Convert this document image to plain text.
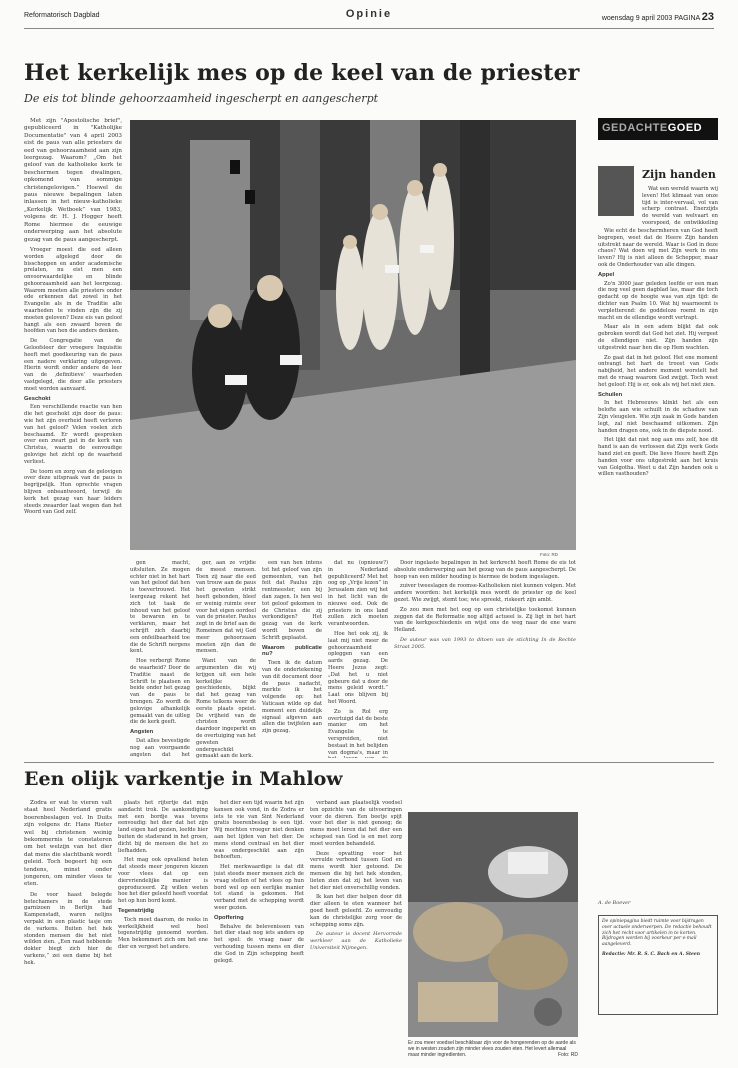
Reformatorisch Dagblad	Opinie	woensdag 9 april 2003 PAGINA 23
Het kerkelijk mes op de keel van de priester
De eis tot blinde gehoorzaamheid ingescherpt en aangescherpt

Met zijn "Apostolische brief", gepubliceerd in "Katholijke Documentatie" van 4 april 2003 eist de paus van alle priesters de eed van gehoorzaamheid aan zijn leergezag. Waarom? „Om het geloof van de katholieke kerk te beschermen tegen dwalingen, opkomend van sommige christengelovigen.” Hoewel de paus nieuwe bepalingen laten inlassen in het nieuw-katholieke „Kerkelijk Wetboek” van 1983, volgens dr. H. J. Hogger heeft Rome hiermee de eeuwige onderwerping aan het absolute gezag van de paus aangescherpt.

Vroeger moest die eed alleen worden afgelegd door de bisschoppen en ander academische prelaten, nu eist men een onvoorwaardelijke en blinde gehoorzaamheid aan het leergezag. Waarom moeten alle priesters onder ede erkennen dat zowel in het Evangelie als in de Traditie alle waarheden te vinden zijn die zij moeten geloven? Deze eis van geloof hangt als een zwaard boven de hoofden van hen die anders denken.

De Congregatie van de Geloofsleer der vroegere Inquisitie heeft met goedkeuring van de paus een nadere verklaring uitgegeven. Hierin wordt onder andere de leer van de ‚definitieve’ waarheden vastgelegd, die door alle priesters moet worden aanvaard.

Geschokt

Een verschillende reactie van hen die het geschokt zijn door de paus: wie het zijn overheid heeft verloren van het geloof? Velen voelen zich beschaamd. Er wordt gesproken over een zwart gat in de kerk van Christus, waarin de eenvoudige gelovige het zicht op de waarheid verliest.

De toorn en zorg van de gelovigen over deze uitspraak van de paus is begrijpelijk. Hun oprechte vragen blijven onbeantwoord, terwijl de kerk het gezag van haar leiders steeds zwaarder laat wegen dan het Woord van God zelf.

Foto: RD

gen macht, uitsluiten. Ze mogen echter niet in het hart van het geloof dat hen is toevertrouwd. Het leergezag rekent het zich tot taak de inhoud van het geloof te bewaren en te verklaren, maar het schrijft zich daarbij een onfeilbaarheid toe die de Schrift nergens kent.

Hoe verbergt Rome de waarheid? Door de Traditie naast de Schrift te plaatsen en beide onder het gezag van de paus te brengen. Zo wordt de gelovige afhankelijk gemaakt van de uitleg die de kerk geeft.

Angsten

Dat alles bevestigde nog aan voorgaande angsten dat het

ger, aan ze vrijdie de meest mensen. Toen zij naar die eed van trouw aan de paus het geweten strikt heeft gebonden, bleef er weinig ruimte over voor het eigen oordeel van de priester. Paulus zegt in de brief aan de Romeinen dat wij God meer gehoorzaam moeten zijn dan de mensen.

Want van de argumenten die wij krijgen uit een hele kerkelijke geschiedenis, blijkt dat het gezag van Rome telkens weer de eerste plaats opeist. De vrijheid van de christen wordt daardoor ingeperkt en de overtuiging van het geweten ondergeschikt gemaakt aan de kerk.

een van hen intens tot het geloof van zijn gemeenten, van het feit dat Paulus zijn rentmeester, een bij dan zagen. Is hen wel tot geloof gekomen in de Christus die zij verkondigen? Het gezag van de kerk wordt boven de Schrift geplaatst.

Waarom publicatie nu?

Toen ik de datum van de ondertekening van dit document door de paus nadacht, merkte ik het volgende op: het Vaticaan wilde op dat moment een duidelijk signaal afgeven aan allen die twijfelen aan zijn gezag.

dat nu (opnieuw?) in Nederland gepubliceerd? Met het oog op „Vrije lezen” in Jerusalem zien wij het in het licht van de nieuwe eed. Ook de priesters in ons land zullen zich moeten verantwoorden.

Hoe het ook zij, ik laat mij niet meer de gehoorzaamheid opleggen van een aards gezag. De Heere Jezus zegt: „Dat het u niet gebeure dat u door de mens geleid wordt.” Laat ons blijven bij het Woord.

Zo is Rol erg overtuigd dat de beste manier om het Evangelie te verspreiden, niet bestaat in het belijden van dogma's, maar in

Door ingelaste bepalingen in het kerkrecht heeft Rome de eis tot absolute onderwerping aan het gezag van de paus aangescherpt. De hoop van een milder houding is hiermee de bodem ingeslagen.

zuiver tweeslagen de roomse-Katholieken niet kunnen volgen. Met andere woorden: het kerkelijk mes wordt de priester op de keel gezet. Wie zwijgt, stemt toe; wie spreekt, riskeert zijn ambt.

Zo zou men met het oog op een christelijke toekomst kunnen zeggen dat de Reformatie nog altijd actueel is. Zij ligt in het hart van de kerkgeschiedenis en wijst ons de weg naar de ene ware Heiland.

De auteur was van 1993 to ditoen van de stichting In de Rechte Straat 2005.

GEDACHTEGOED
Zijn handen

Wat een wereld waarin wij leven! Het klimaat van onze tijd is inter-vervaal, vol van scherp contrast. Enerzijds de wereld van welvaart en voorspoed, de ontwikkeling

Wie echt de beschermheren van God heeft begrepen, weet dat de Heere Zijn handen uitstrekt naar de wereld. Waar is God in deze chaos? Wat doen wij met Zijn werk in ons leven? Hij is niet alleen de Schepper, maar ook de Onderhouder van alle dingen.

Appel

Zo'n 3000 jaar geleden leefde er een man die nog veel geen dagblad las, maar die toch gedacht op de hoogte was van zijn tijd: de dichter van Psalm 10. Wat hij waarneemt is verpletterend: de goddeloze roemt in zijn macht en de ellendige wordt vertrapt.

Maar als in een adem blijkt dat ook gebroken wordt dat God het ziet. Hij vergeet de ellendigen niet. Zijn handen zijn uitgestrekt naar hen die op Hem wachten.

Zo gaat dat in het geloof. Het ene moment ontvangt het hart de troost van Gods nabijheid, het andere moment worstelt het met de vraag waarom God zwijgt. Toch weet het geloof: Hij is er, ook als wij het niet zien.

Schuilen

In het Hebreeuws klinkt het als een belofte aan wie schuilt in de schaduw van Zijn vleugelen. Wie zijn zaak in Gods handen legt, zal niet beschaamd uitkomen. Zijn handen dragen ons, ook in de diepste nood.

Het lijkt dat niet nog aan ons zelf, hoe dit hand is aan de verlossen dat Zijn werk Gods hand ziet en geeft. Die lieve Heere heeft Zijn handen voor ons uitgestrekt aan het kruis van Golgotha. Weet u dat Zijn handen ook u willen vasthouden?

A. de Boever
Een olijk varkentje in Mahlow

Zodra er wat te vieren valt staat heel Nederland gratis boerenbeslagen vol. In Duits zijn volgens dr. Hans Rieter wel bij christenen weinig bekommernis te constateren om het welzijn van het dier dat mens die slachtbank wordt geleid. Toch begeert hij een tendens, minst onder jongeren, om minder vlees te eten.

De voor haast belegde betechamers in de stede garnizoen in Berlijn had Kampenstadt, waren nelijns verpakt in een plastic tasje om de varkens. Buiten het hek stonden mensen die het niet wilden zien. „Een raad hebbende dokter biegt zich hier de varkens,” zei een dame bij het hek.

plaats het rijtertje dat mijn aandacht trok. De aankondiging met een bordje was tevens eenvoudig: het dier dat het zijn land eigen had gezien, leefde hier buiten de stadsrand in het groen, dicht bij de mensen die het zo liefhadden.

Het mag ook opvallend heten dat steeds meer jongeren kiezen voor vlees dat op een diervriendelijke manier is geproduceerd. Zij willen weten hoe het dier geleefd heeft voordat het op hun bord komt.

Tegenstrijdig

Toch moet daarom, de reeks in werkelijkheid wel heel tegenstrijdig genoemd worden. Men bekommert zich om het ene dier en vergeet het andere.

het dier een tijd waarin het zijn kansen ook vond, in de Zodra er iets te vie van Sint Nederland gratis boerenbeslag is een tijd. Wij mochten vroeger niet denken aan het lijden van het dier. De mens stond centraal en het dier was ondergeschikt aan zijn behoeften.

Het merkwaardige is dat dit juist steeds meer mensen zich de vraag stellen of het vlees op hun bord wel op een eerlijke manier tot stand is gekomen. Het verband met de schepping wordt weer gezien.

Opoffering

Behalve de belevenissen van het dier staat nog iets anders op het spel: de vraag naar de verhouding tussen mens en dier die God in Zijn schepping heeft gelegd.

verband aan plaatselijk voedsel ten opzichte van de uitvoeringen voor de dieren. Een beetje spijt voor het dier is niet genoeg; de mens moet leren dat het dier een schepsel van God is en met zorg moet worden behandeld.

Deze opvatting voor het vervulde verbond tussen God en mens wordt hier getoond. De mensen die bij het hek stonden, lieten zien dat zij het leven van het dier niet onverschillig vonden.

Ik kan het dier helpen door dit dier alleen te eten wanneer het goed heeft geleefd. Zo eenvoudig kan de christelijke zorg voor de schepping soms zijn.

De auteur is docent Hervormde werkleer aan de Katholieke Universiteit Nijmegen.

Er zou meer voedsel beschikbaar zijn voor de hongerenden op de aarde als we in westen zouden zijn minder vlees zouden eten. Het levert allemaal maar minder ingredienten.	Foto: RD
De opiniepagina biedt ruimte voor bijdragen over actuele onderwerpen. De redactie behoudt zich het recht voor artikelen in te korten. Bijdragen worden bij voorkeur per e-mail aangeleverd.
Redactie: Mr. R. S. C. Bach en A. Steen
